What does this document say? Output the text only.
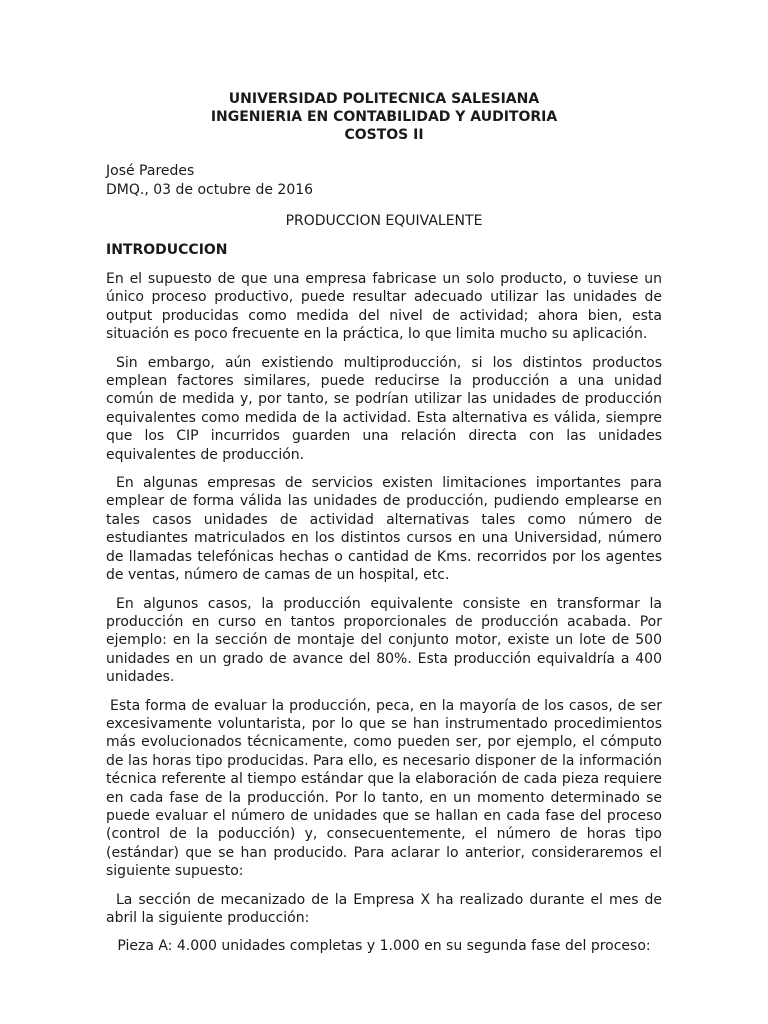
UNIVERSIDAD POLITECNICA SALESIANA
INGENIERIA EN CONTABILIDAD Y AUDITORIA
COSTOS II
José Paredes
DMQ., 03 de octubre de 2016
PRODUCCION EQUIVALENTE
INTRODUCCION

En el supuesto de que una empresa fabricase un solo producto, o tuviese un único proceso productivo, puede resultar adecuado utilizar las unidades de output producidas como medida del nivel de actividad; ahora bien, esta situación es poco frecuente en la práctica, lo que limita mucho su aplicación.

Sin embargo, aún existiendo multiproducción, si los distintos productos emplean factores similares, puede reducirse la producción a una unidad común de medida y, por tanto, se podrían utilizar las unidades de producción equivalentes como medida de la actividad. Esta alternativa es válida, siempre que los CIP incurridos guarden una relación directa con las unidades equivalentes de producción.

En algunas empresas de servicios existen limitaciones importantes para emplear de forma válida las unidades de producción, pudiendo emplearse en tales casos unidades de actividad alternativas tales como número de estudiantes matriculados en los distintos cursos en una Universidad, número de llamadas telefónicas hechas o cantidad de Kms. recorridos por los agentes de ventas, número de camas de un hospital, etc.

En algunos casos, la producción equivalente consiste en transformar la producción en curso en tantos proporcionales de producción acabada. Por ejemplo: en la sección de montaje del conjunto motor, existe un lote de 500 unidades en un grado de avance del 80%. Esta producción equivaldría a 400 unidades.

Esta forma de evaluar la producción, peca, en la mayoría de los casos, de ser excesivamente voluntarista, por lo que se han instrumentado procedimientos más evolucionados técnicamente, como pueden ser, por ejemplo, el cómputo de las horas tipo producidas. Para ello, es necesario disponer de la información técnica referente al tiempo estándar que la elaboración de cada pieza requiere en cada fase de la producción. Por lo tanto, en un momento determinado se puede evaluar el número de unidades que se hallan en cada fase del proceso (control de la poducción) y, consecuentemente, el número de horas tipo (estándar) que se han producido. Para aclarar lo anterior, consideraremos el siguiente supuesto:

La sección de mecanizado de la Empresa X ha realizado durante el mes de abril la siguiente producción:

Pieza A: 4.000 unidades completas y 1.000 en su segunda fase del proceso:
